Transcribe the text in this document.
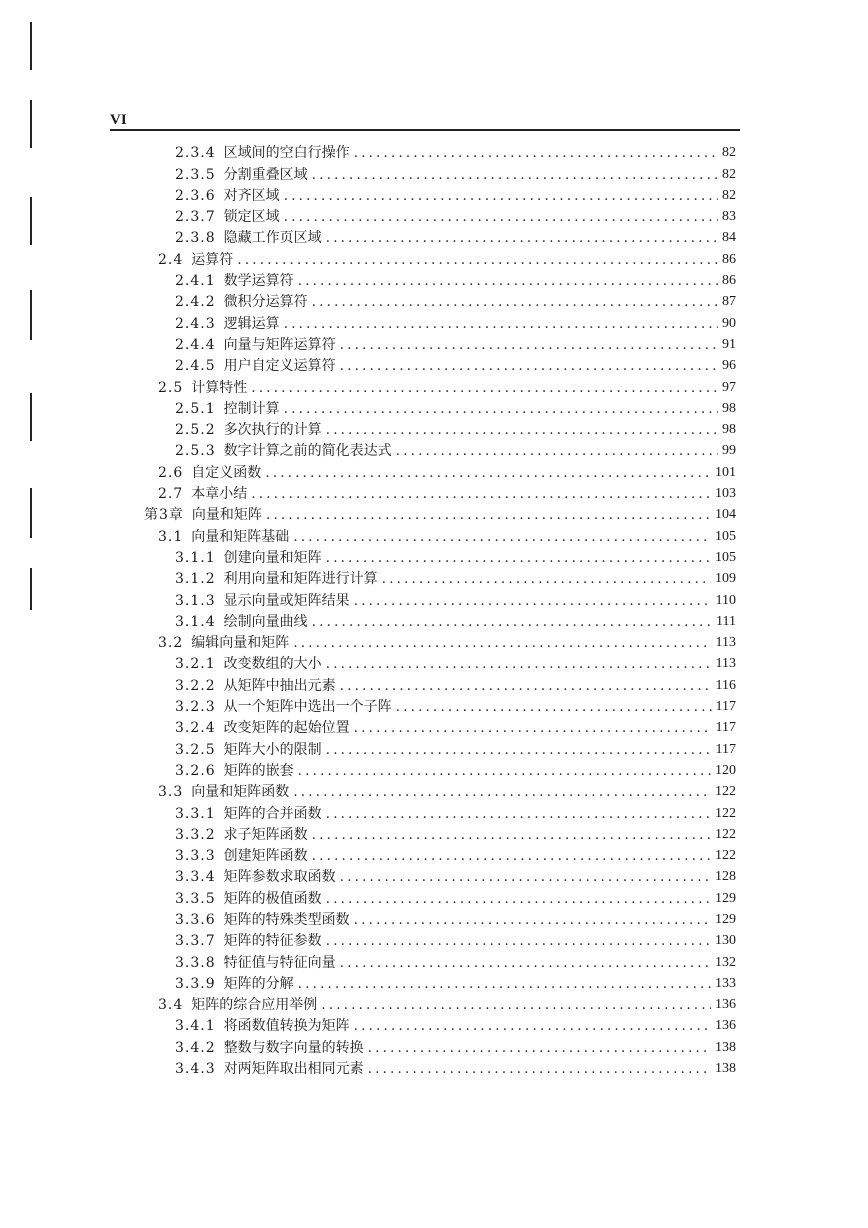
VI
2.3.4 区域间的空白行操作 .....	82
2.3.5 分割重叠区域 .....	82
2.3.6 对齐区域 .....	82
2.3.7 锁定区域 .....	83
2.3.8 隐藏工作页区域 .....	84
2.4 运算符 .....	86
2.4.1 数学运算符 .....	86
2.4.2 微积分运算符 .....	87
2.4.3 逻辑运算 .....	90
2.4.4 向量与矩阵运算符 .....	91
2.4.5 用户自定义运算符 .....	96
2.5 计算特性 .....	97
2.5.1 控制计算 .....	98
2.5.2 多次执行的计算 .....	98
2.5.3 数字计算之前的简化表达式 .....	99
2.6 自定义函数 .....	101
2.7 本章小结 .....	103
第3章 向量和矩阵 .....	104
3.1 向量和矩阵基础 .....	105
3.1.1 创建向量和矩阵 .....	105
3.1.2 利用向量和矩阵进行计算 .....	109
3.1.3 显示向量或矩阵结果 .....	110
3.1.4 绘制向量曲线 .....	111
3.2 编辑向量和矩阵 .....	113
3.2.1 改变数组的大小 .....	113
3.2.2 从矩阵中抽出元素 .....	116
3.2.3 从一个矩阵中选出一个子阵 .....	117
3.2.4 改变矩阵的起始位置 .....	117
3.2.5 矩阵大小的限制 .....	117
3.2.6 矩阵的嵌套 .....	120
3.3 向量和矩阵函数 .....	122
3.3.1 矩阵的合并函数 .....	122
3.3.2 求子矩阵函数 .....	122
3.3.3 创建矩阵函数 .....	122
3.3.4 矩阵参数求取函数 .....	128
3.3.5 矩阵的极值函数 .....	129
3.3.6 矩阵的特殊类型函数 .....	129
3.3.7 矩阵的特征参数 .....	130
3.3.8 特征值与特征向量 .....	132
3.3.9 矩阵的分解 .....	133
3.4 矩阵的综合应用举例 .....	136
3.4.1 将函数值转换为矩阵 .....	136
3.4.2 整数与数字向量的转换 .....	138
3.4.3 对两矩阵取出相同元素 .....	138
